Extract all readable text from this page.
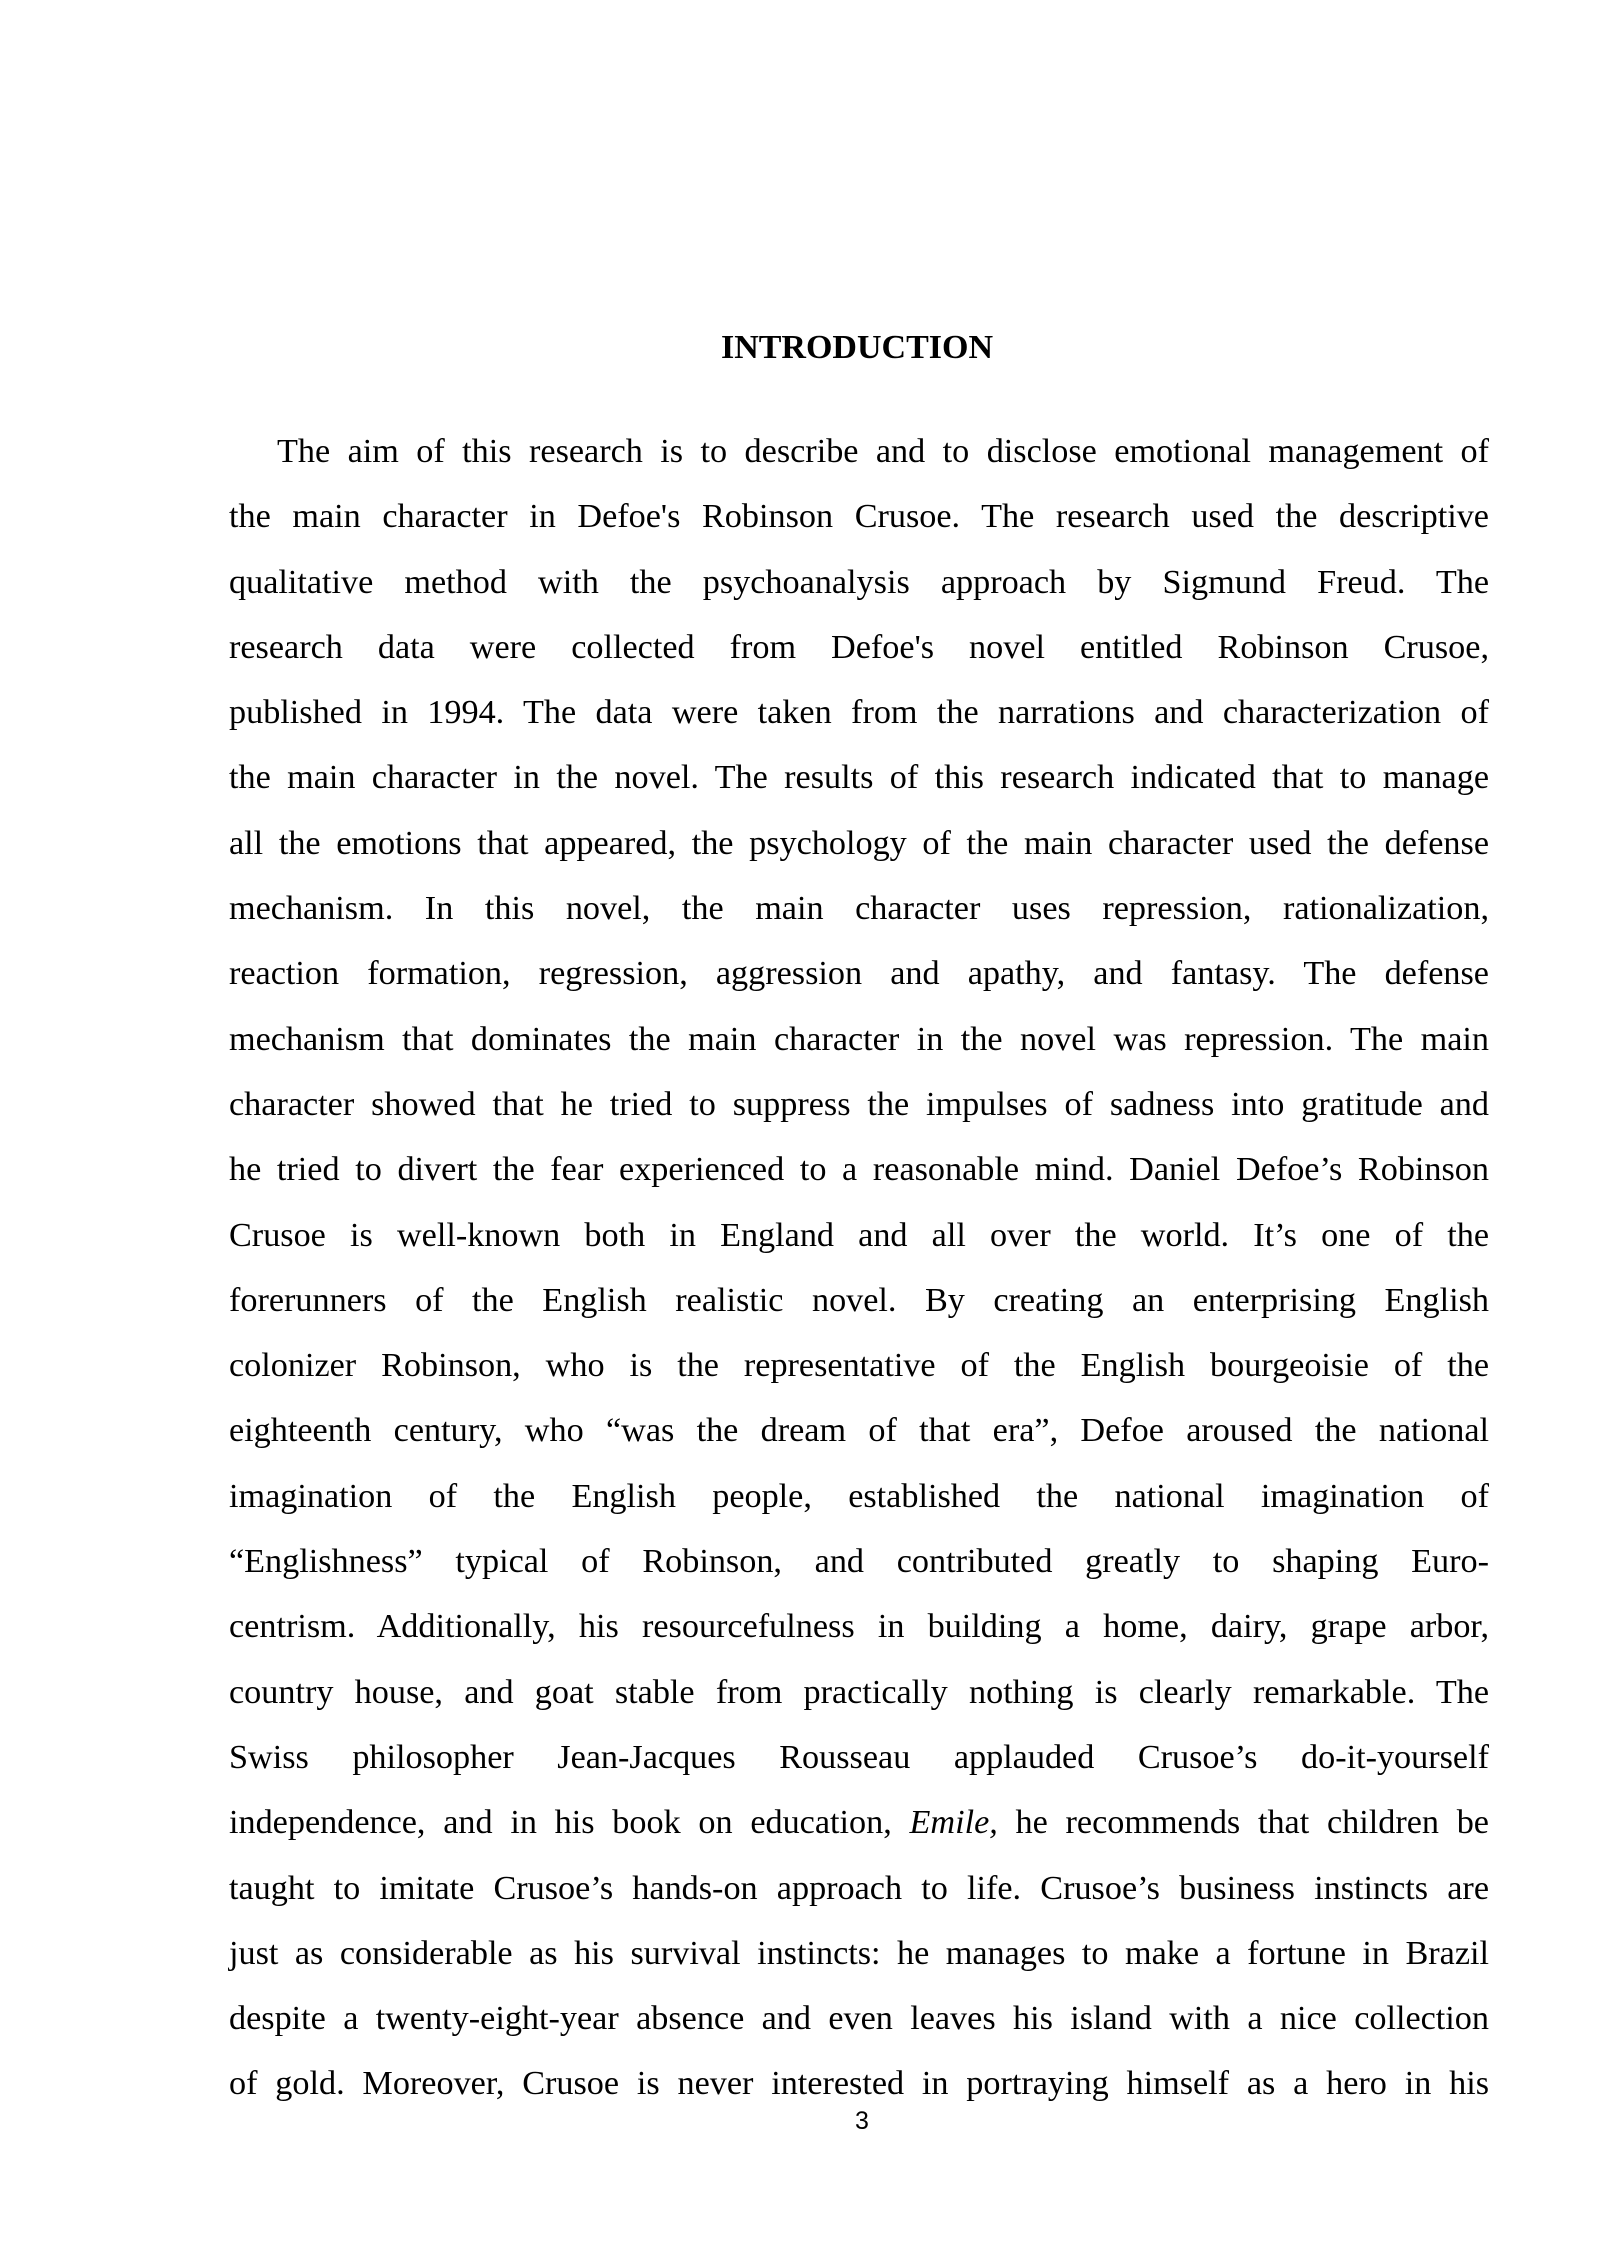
INTRODUCTION
The aim of this research is to describe and to disclose emotional management of
the main character in Defoe's Robinson Crusoe. The research used the descriptive
qualitative method with the psychoanalysis approach by Sigmund Freud. The
research data were collected from Defoe's novel entitled Robinson Crusoe,
published in 1994. The data were taken from the narrations and characterization of
the main character in the novel. The results of this research indicated that to manage
all the emotions that appeared, the psychology of the main character used the defense
mechanism. In this novel, the main character uses repression, rationalization,
reaction formation, regression, aggression and apathy, and fantasy. The defense
mechanism that dominates the main character in the novel was repression. The main
character showed that he tried to suppress the impulses of sadness into gratitude and
he tried to divert the fear experienced to a reasonable mind. Daniel Defoe’s Robinson
Crusoe is well-known both in England and all over the world. It’s one of the
forerunners of the English realistic novel. By creating an enterprising English
colonizer Robinson, who is the representative of the English bourgeoisie of the
eighteenth century, who “was the dream of that era”, Defoe aroused the national
imagination of the English people, established the national imagination of
“Englishness” typical of Robinson, and contributed greatly to shaping Euro-
centrism. Additionally, his resourcefulness in building a home, dairy, grape arbor,
country house, and goat stable from practically nothing is clearly remarkable. The
Swiss philosopher Jean-Jacques Rousseau applauded Crusoe’s do-it-yourself
independence, and in his book on education, Emile, he recommends that children be
taught to imitate Crusoe’s hands-on approach to life. Crusoe’s business instincts are
just as considerable as his survival instincts: he manages to make a fortune in Brazil
despite a twenty-eight-year absence and even leaves his island with a nice collection
of gold. Moreover, Crusoe is never interested in portraying himself as a hero in his
3
